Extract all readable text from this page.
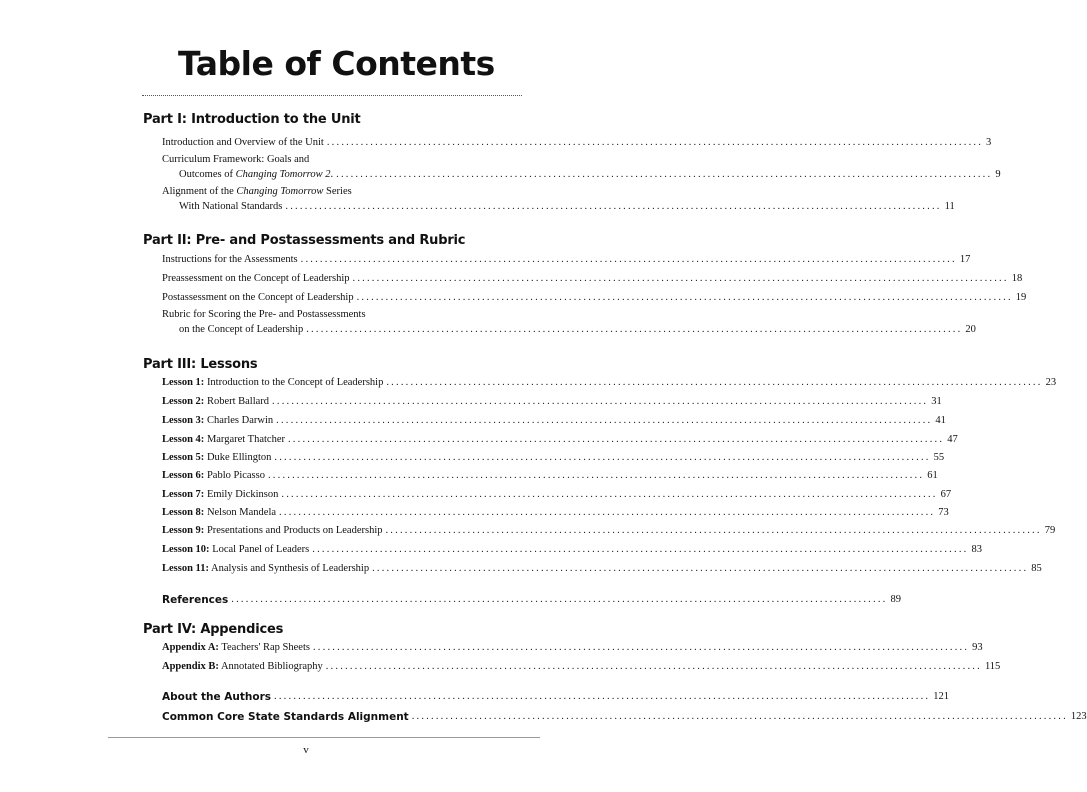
Table of Contents
Part I: Introduction to the Unit
Introduction and Overview of the Unit ........................................................................................................................................ 3
Curriculum Framework: Goals and
Outcomes of Changing Tomorrow 2. ........................................................................................................................................ 9
Alignment of the Changing Tomorrow Series
With National Standards ........................................................................................................................................ 11
Part II: Pre- and Postassessments and Rubric
Instructions for the Assessments ........................................................................................................................................ 17
Preassessment on the Concept of Leadership ........................................................................................................................................ 18
Postassessment on the Concept of Leadership ........................................................................................................................................ 19
Rubric for Scoring the Pre- and Postassessments
on the Concept of Leadership ........................................................................................................................................ 20
Part III: Lessons
Lesson 1: Introduction to the Concept of Leadership ........................................................................................................................................ 23
Lesson 2: Robert Ballard ........................................................................................................................................ 31
Lesson 3: Charles Darwin ........................................................................................................................................ 41
Lesson 4: Margaret Thatcher ........................................................................................................................................ 47
Lesson 5: Duke Ellington ........................................................................................................................................ 55
Lesson 6: Pablo Picasso ........................................................................................................................................ 61
Lesson 7: Emily Dickinson ........................................................................................................................................ 67
Lesson 8: Nelson Mandela ........................................................................................................................................ 73
Lesson 9: Presentations and Products on Leadership ........................................................................................................................................ 79
Lesson 10: Local Panel of Leaders ........................................................................................................................................ 83
Lesson 11: Analysis and Synthesis of Leadership ........................................................................................................................................ 85
References ........................................................................................................................................ 89
Part IV: Appendices
Appendix A: Teachers' Rap Sheets ........................................................................................................................................ 93
Appendix B: Annotated Bibliography ........................................................................................................................................ 115
About the Authors ........................................................................................................................................ 121
Common Core State Standards Alignment ........................................................................................................................................ 123
v
